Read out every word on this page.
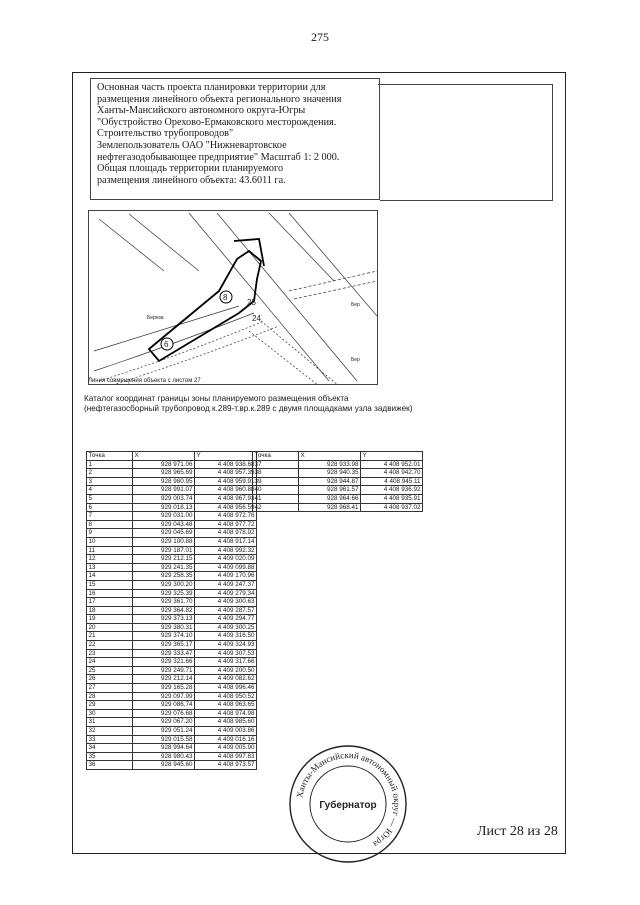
275
Основная часть проекта планировки территории для
размещения линейного объекта регионального значения
Ханты-Мансийского автономного округа-Югры
"Обустройство Орехово-Ермаковского месторождения.
Строительство трубопроводов"
Землепользователь ОАО "Нижневартовское
нефтегазодобывающее предприятие" Масштаб 1: 2 000.
Общая площадь территории планируемого
размещения линейного объекта: 43.6011 га.
8
25
24
6
Береза
Бер
Бер
Линия совмещения объекта с листом 27
Каталог координат границы зоны планируемого размещения объекта
(нефтегазосборный трубопровод к.289-т.вр.к.289 с двумя площадками узла задвижек)
Точка	X	Y
1	928 971.06	4 408 938.68
2	928 965.69	4 408 957.39
3	928 980.95	4 408 959.91
4	928 991.07	4 408 960.88
5	929 003.74	4 408 967.93
6	929 018.13	4 408 956.59
7	929 031.00	4 408 972.76
8	929 043.48	4 408 977.72
9	929 045.69	4 408 978.92
10	929 100.88	4 408 917.14
11	929 187.01	4 408 992.32
12	929 212.15	4 409 020.09
13	929 241.35	4 409 099.88
14	929 258.35	4 409 170.96
15	929 300.20	4 409 247.37
16	929 325.39	4 409 279.34
17	929 361.70	4 409 300.63
18	929 364.82	4 409 287.57
19	929 373.13	4 409 294.77
20	929 380.31	4 409 300.25
21	929 374.10	4 409 316.50
22	929 365.17	4 409 324.93
23	929 333.47	4 409 307.53
24	929 321.66	4 409 317.66
25	929 249.71	4 409 200.50
26	929 212.14	4 409 082.62
27	929 165.28	4 408 996.46
28	929 097.99	4 408 950.52
29	929 086.74	4 408 963.65
30	929 076.68	4 408 974.98
31	929 067.20	4 408 985.60
32	929 051.24	4 409 003.86
33	929 015.58	4 409 016.16
34	928 994.64	4 409 005.90
35	928 980.43	4 408 997.83
36	928 945.60	4 408 973.57
Точка	X	Y
37	928 933.98	4 408 952.01
38	928 940.35	4 408 942.70
39	928 944.87	4 408 945.11
40	928 961.57	4 408 936.92
41	928 964.66	4 408 935.91
42	928 968.41	4 408 937.02
Ханты-Мансийский автономный округ — Югра
Губернатор
Лист 28 из 28
